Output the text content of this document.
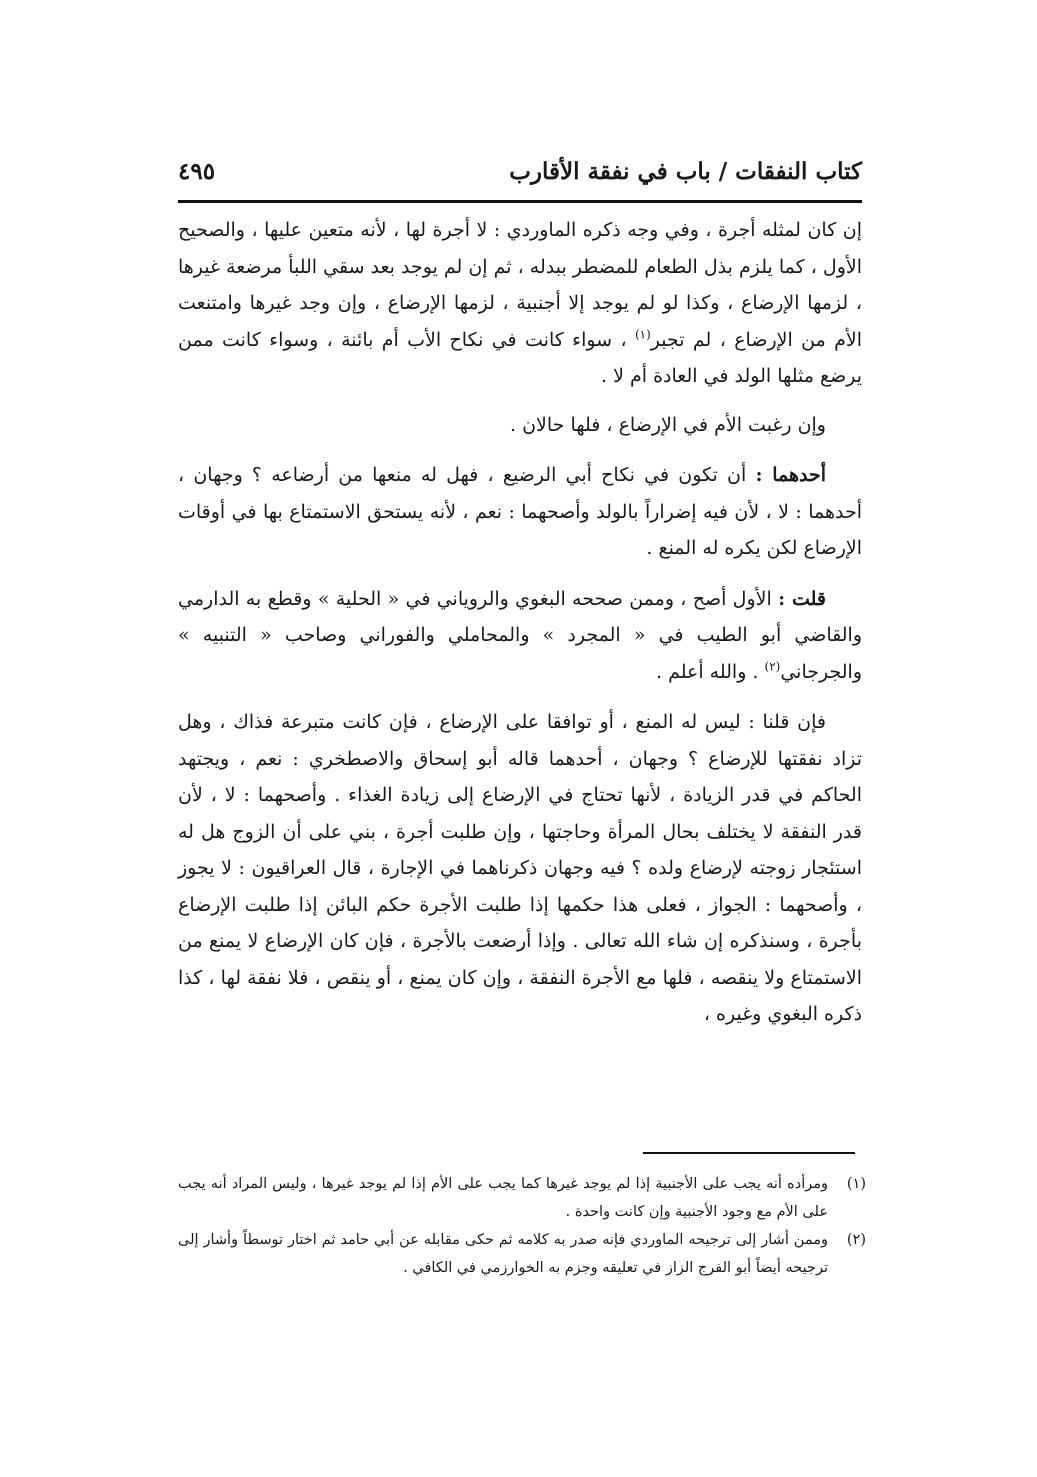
كتاب النفقات / باب في نفقة الأقارب
٤٩٥

إن كان لمثله أجرة ، وفي وجه ذكره الماوردي : لا أجرة لها ، لأنه متعين عليها ، والصحيح الأول ، كما يلزم بذل الطعام للمضطر ببدله ، ثم إن لم يوجد بعد سقي اللبأ مرضعة غيرها ، لزمها الإرضاع ، وكذا لو لم يوجد إلا أجنبية ، لزمها الإرضاع ، وإن وجد غيرها وامتنعت الأم من الإرضاع ، لم تجبر$^{(١)}$ ، سواء كانت في نكاح الأب أم بائنة ، وسواء كانت ممن يرضع مثلها الولد في العادة أم لا .

وإن رغبت الأم في الإرضاع ، فلها حالان .

أحدهما : أن تكون في نكاح أبي الرضيع ، فهل له منعها من أرضاعه ؟ وجهان ، أحدهما : لا ، لأن فيه إضراراً بالولد وأصحهما : نعم ، لأنه يستحق الاستمتاع بها في أوقات الإرضاع لكن يكره له المنع .

قلت : الأول أصح ، وممن صححه البغوي والروياني في « الحلية » وقطع به الدارمي والقاضي أبو الطيب في « المجرد » والمحاملي والفوراني وصاحب « التنبيه » والجرجاني$^{(٢)}$ . والله أعلم .

فإن قلنا : ليس له المنع ، أو توافقا على الإرضاع ، فإن كانت متبرعة فذاك ، وهل تزاد نفقتها للإرضاع ؟ وجهان ، أحدهما قاله أبو إسحاق والاصطخري : نعم ، ويجتهد الحاكم في قدر الزيادة ، لأنها تحتاج في الإرضاع إلى زيادة الغذاء . وأصحهما : لا ، لأن قدر النفقة لا يختلف بحال المرأة وحاجتها ، وإن طلبت أجرة ، بني على أن الزوج هل له استئجار زوجته لإرضاع ولده ؟ فيه وجهان ذكرناهما في الإجارة ، قال العراقيون : لا يجوز ، وأصحهما : الجواز ، فعلى هذا حكمها إذا طلبت الأجرة حكم البائن إذا طلبت الإرضاع بأجرة ، وسنذكره إن شاء الله تعالى . وإذا أرضعت بالأجرة ، فإن كان الإرضاع لا يمنع من الاستمتاع ولا ينقصه ، فلها مع الأجرة النفقة ، وإن كان يمنع ، أو ينقص ، فلا نفقة لها ، كذا ذكره البغوي وغيره ،

(١)
ومرأده أنه يجب على الأجنبية إذا لم يوجد غيرها كما يجب على الأم إذا لم يوجد غيرها ، وليس المراد أنه يجب على الأم مع وجود الأجنبية وإن كانت واحدة .
(٢)
وممن أشار إلى ترجيحه الماوردي فإنه صدر به كلامه ثم حكى مقابله عن أبي حامد ثم اختار توسطاً وأشار إلى ترجيحه أيضاً أبو الفرج الزاز في تعليقه وجزم به الخوارزمي في الكافي .
